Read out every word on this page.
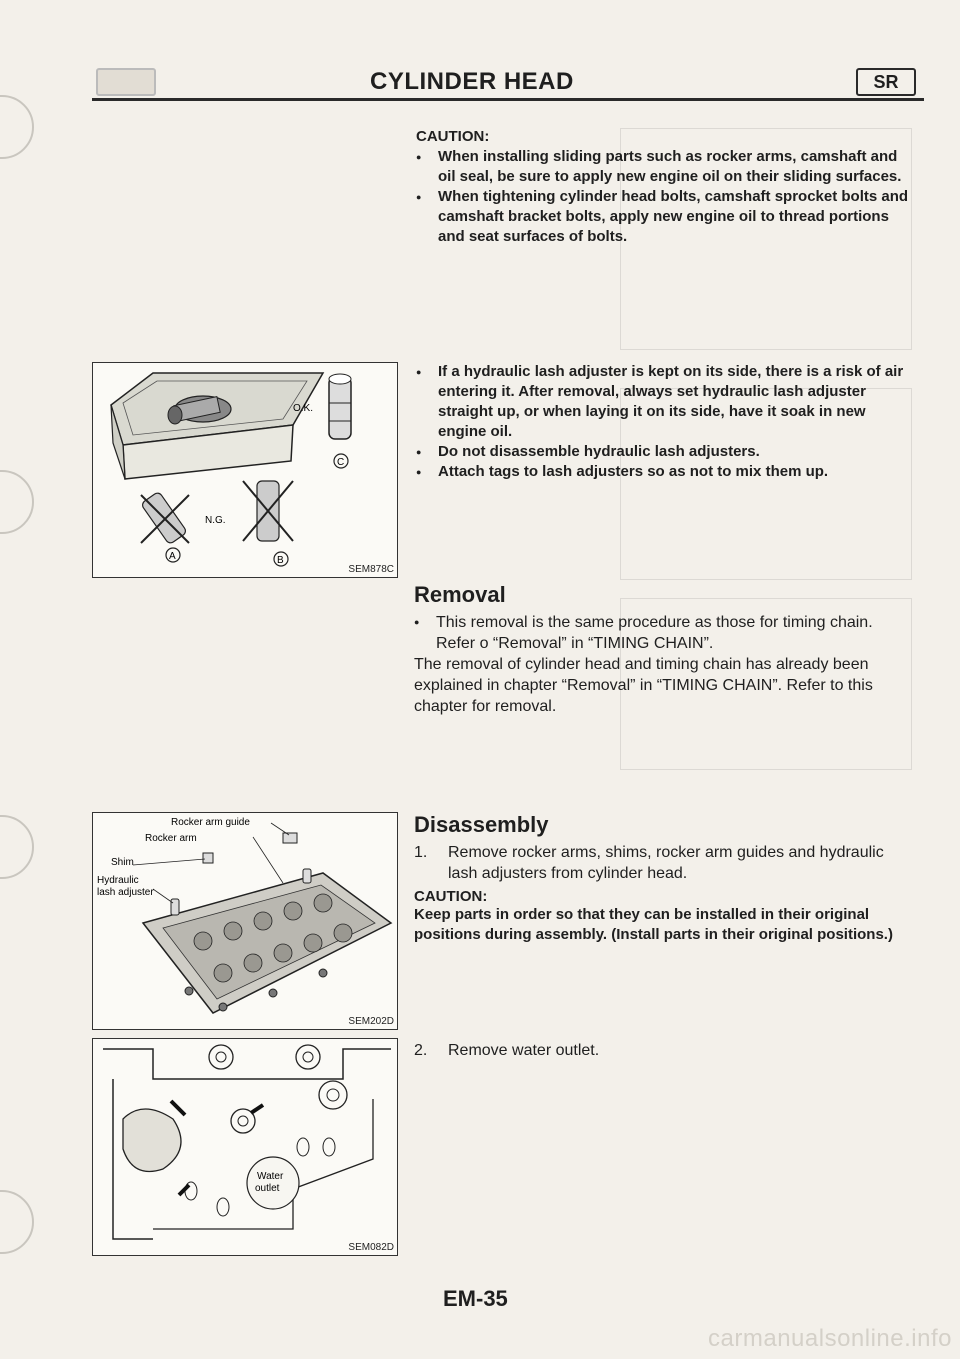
CYLINDER HEAD	SR
CAUTION:
● When installing sliding parts such as rocker arms, camshaft and oil seal, be sure to apply new engine oil on their sliding surfaces.
● When tightening cylinder head bolts, camshaft sprocket bolts and camshaft bracket bolts, apply new engine oil to thread portions and seat surfaces of bolts.
O.K.
C
N.G.
A	B
SEM878C
● If a hydraulic lash adjuster is kept on its side, there is a risk of air entering it. After removal, always set hydraulic lash adjuster straight up, or when laying it on its side, have it soak in new engine oil.
● Do not disassemble hydraulic lash adjusters.
● Attach tags to lash adjusters so as not to mix them up.
Removal
● This removal is the same procedure as those for timing chain. Refer o “Removal” in “TIMING CHAIN”.
The removal of cylinder head and timing chain has already been explained in chapter “Removal” in “TIMING CHAIN”. Refer to this chapter for removal.
Rocker arm guide
Rocker arm
Shim
Hydraulic
lash adjuster
SEM202D
Disassembly
1. Remove rocker arms, shims, rocker arm guides and hydraulic lash adjusters from cylinder head.
CAUTION:
Keep parts in order so that they can be installed in their original positions during assembly. (Install parts in their original positions.)
2. Remove water outlet.
Water
outlet
SEM082D
EM-35
carmanualsonline.info
